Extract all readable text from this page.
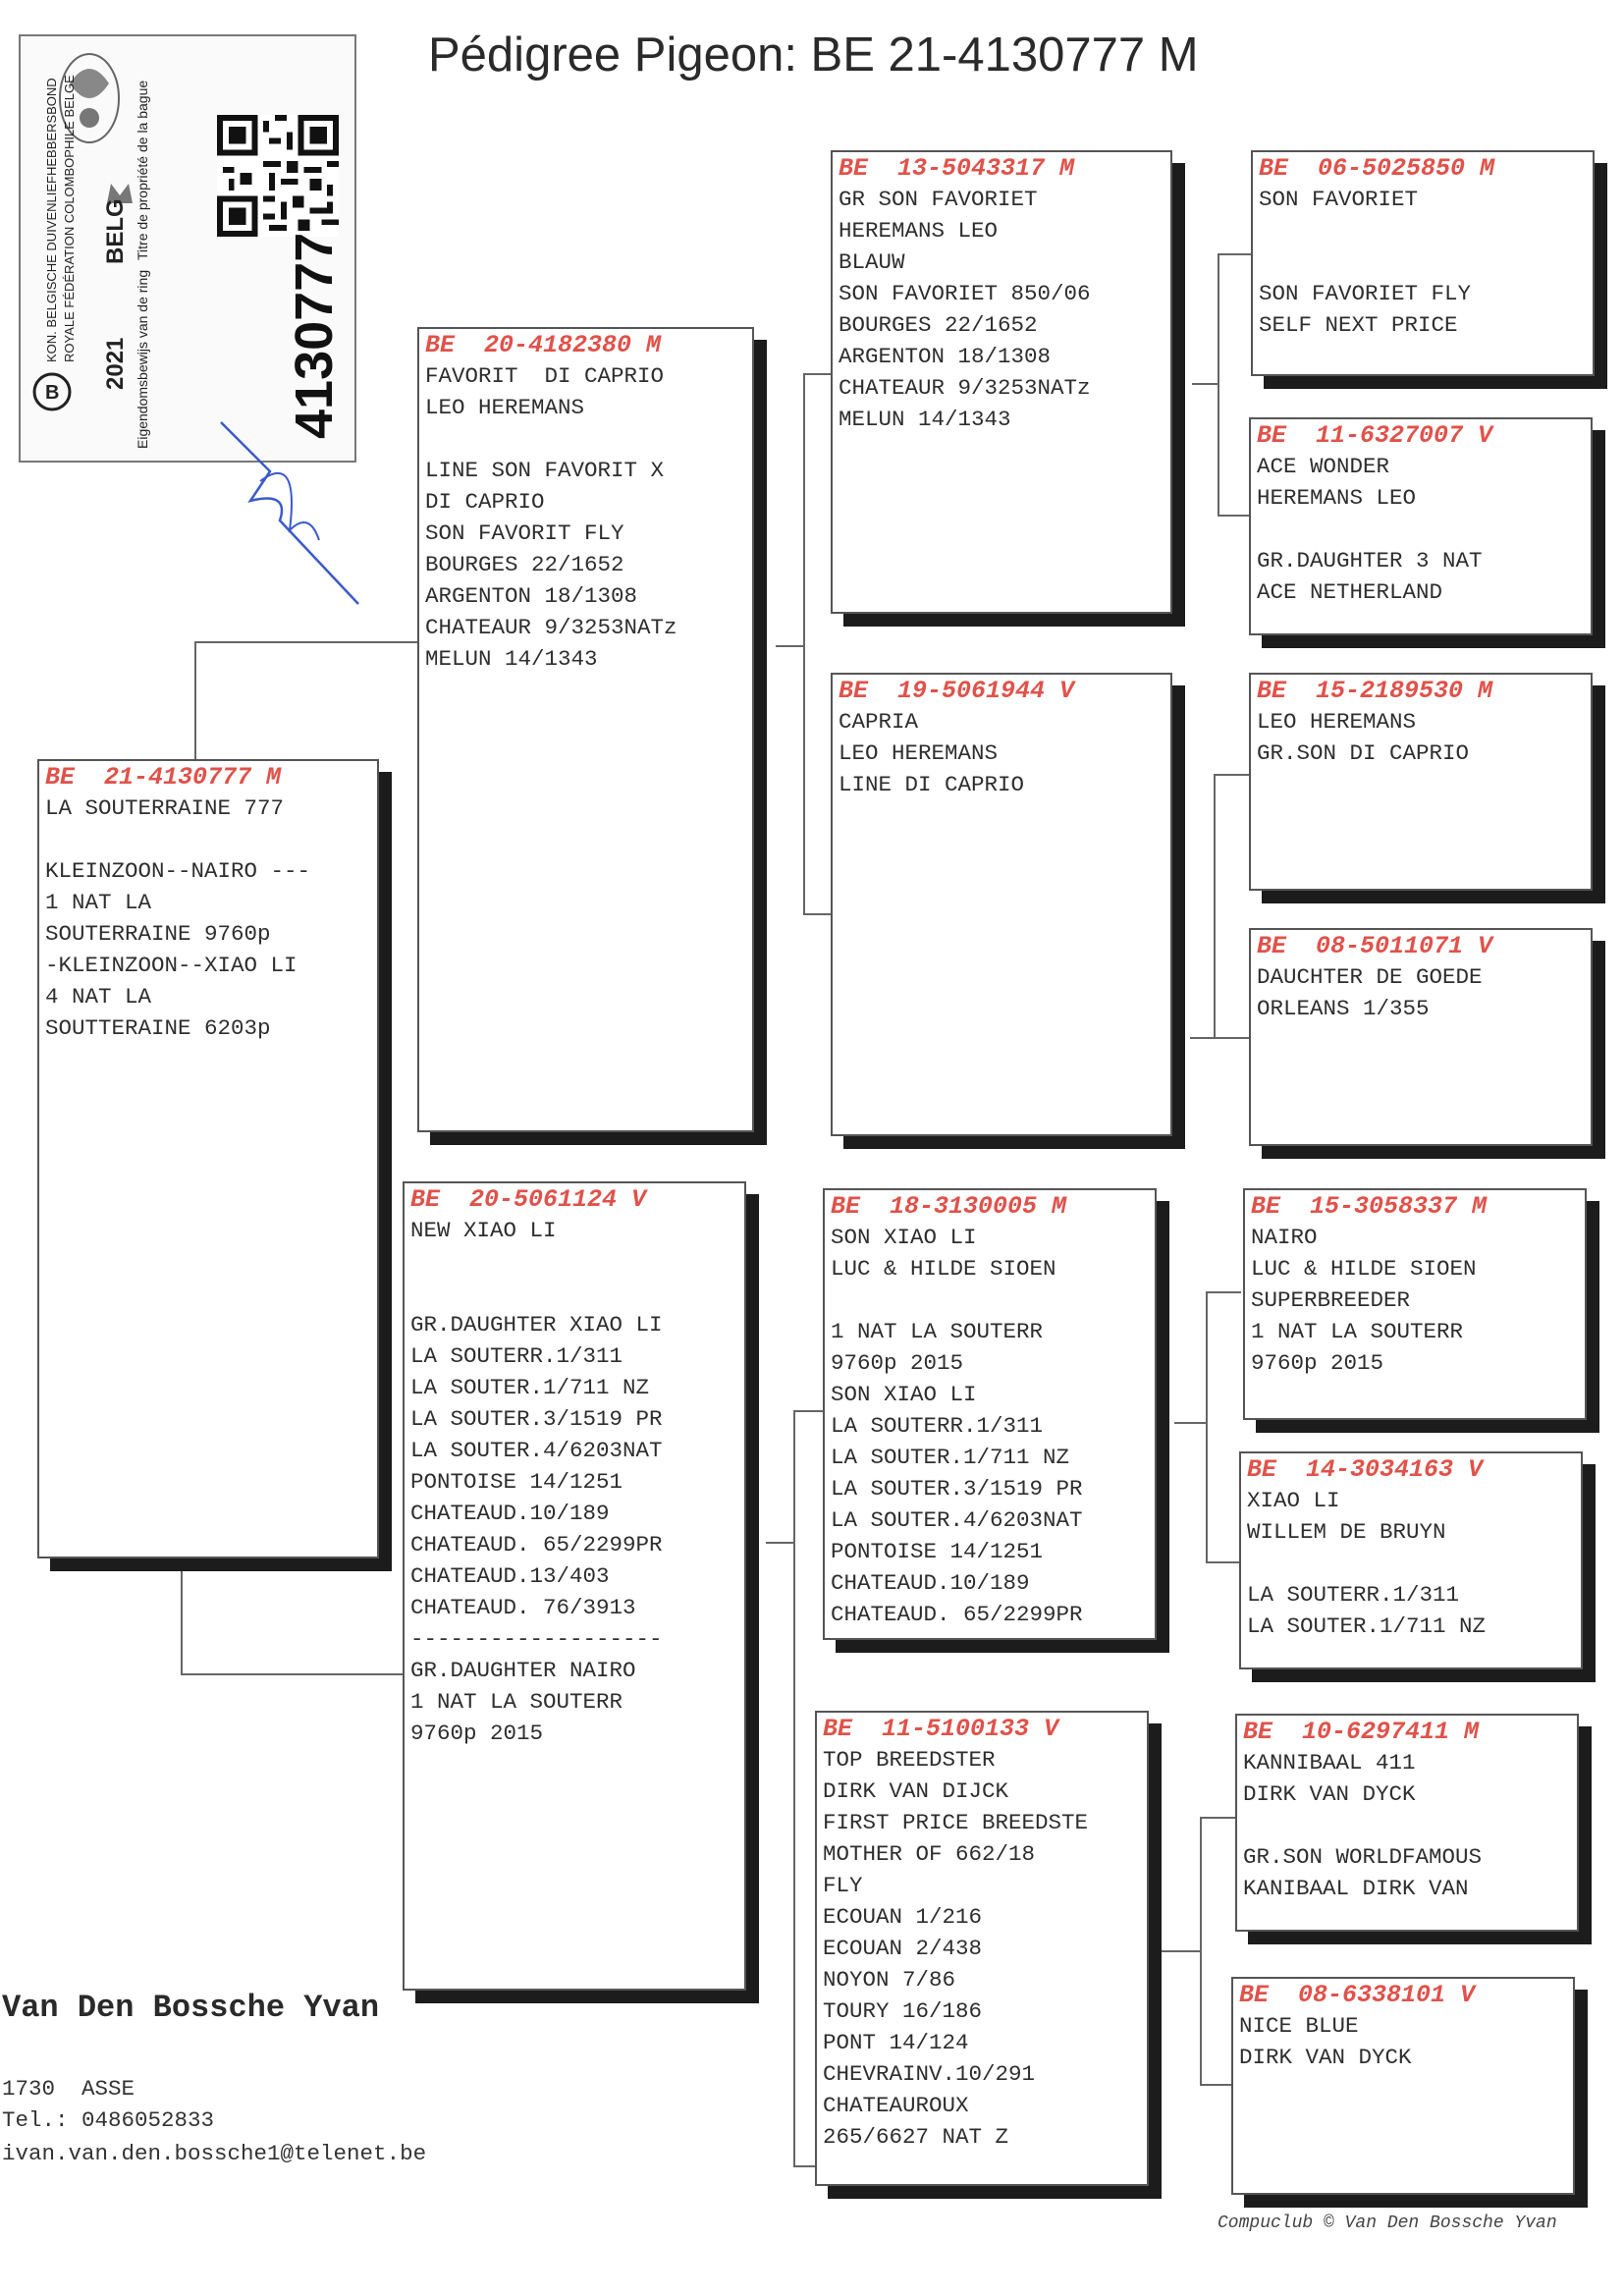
B
KON. BELGISCHE DUIVENLIEFHEBBERSBOND ROYALE FÉDÉRATION COLOMBOPHILE BELGE
2021
BELG
Eigendomsbewijs van de ring
Titre de propriété de la bague
4130777
Pédigree Pigeon: BE 21-4130777 M
BE  21-4130777 M
LA SOUTERRAINE 777
KLEINZOON--NAIRO ---
1 NAT LA
SOUTERRAINE 9760p
-KLEINZOON--XIAO LI
4 NAT LA
SOUTTERAINE 6203p
BE  20-4182380 M
FAVORIT  DI CAPRIO
LEO HEREMANS
LINE SON FAVORIT X
DI CAPRIO
SON FAVORIT FLY
BOURGES 22/1652
ARGENTON 18/1308
CHATEAUR 9/3253NATz
MELUN 14/1343
BE  20-5061124 V
NEW XIAO LI
GR.DAUGHTER XIAO LI
LA SOUTERR.1/311
LA SOUTER.1/711 NZ
LA SOUTER.3/1519 PR
LA SOUTER.4/6203NAT
PONTOISE 14/1251
CHATEAUD.10/189
CHATEAUD. 65/2299PR
CHATEAUD.13/403
CHATEAUD. 76/3913
-------------------
GR.DAUGHTER NAIRO
1 NAT LA SOUTERR
9760p 2015
BE  13-5043317 M
GR SON FAVORIET
HEREMANS LEO
BLAUW
SON FAVORIET 850/06
BOURGES 22/1652
ARGENTON 18/1308
CHATEAUR 9/3253NATz
MELUN 14/1343
BE  19-5061944 V
CAPRIA
LEO HEREMANS
LINE DI CAPRIO
BE  18-3130005 M
SON XIAO LI
LUC & HILDE SIOEN
1 NAT LA SOUTERR
9760p 2015
SON XIAO LI
LA SOUTERR.1/311
LA SOUTER.1/711 NZ
LA SOUTER.3/1519 PR
LA SOUTER.4/6203NAT
PONTOISE 14/1251
CHATEAUD.10/189
CHATEAUD. 65/2299PR
BE  11-5100133 V
TOP BREEDSTER
DIRK VAN DIJCK
FIRST PRICE BREEDSTE
MOTHER OF 662/18
FLY
ECOUAN 1/216
ECOUAN 2/438
NOYON 7/86
TOURY 16/186
PONT 14/124
CHEVRAINV.10/291
CHATEAUROUX
265/6627 NAT Z
BE  06-5025850 M
SON FAVORIET
SON FAVORIET FLY
SELF NEXT PRICE
BE  11-6327007 V
ACE WONDER
HEREMANS LEO
GR.DAUGHTER 3 NAT
ACE NETHERLAND
BE  15-2189530 M
LEO HEREMANS
GR.SON DI CAPRIO
BE  08-5011071 V
DAUCHTER DE GOEDE
ORLEANS 1/355
BE  15-3058337 M
NAIRO
LUC & HILDE SIOEN
SUPERBREEDER
1 NAT LA SOUTERR
9760p 2015
BE  14-3034163 V
XIAO LI
WILLEM DE BRUYN
LA SOUTERR.1/311
LA SOUTER.1/711 NZ
BE  10-6297411 M
KANNIBAAL 411
DIRK VAN DYCK
GR.SON WORLDFAMOUS
KANIBAAL DIRK VAN
BE  08-6338101 V
NICE BLUE
DIRK VAN DYCK
Van Den Bossche Yvan
1730  ASSE
Tel.: 0486052833
ivan.van.den.bossche1@telenet.be
Compuclub © Van Den Bossche Yvan
